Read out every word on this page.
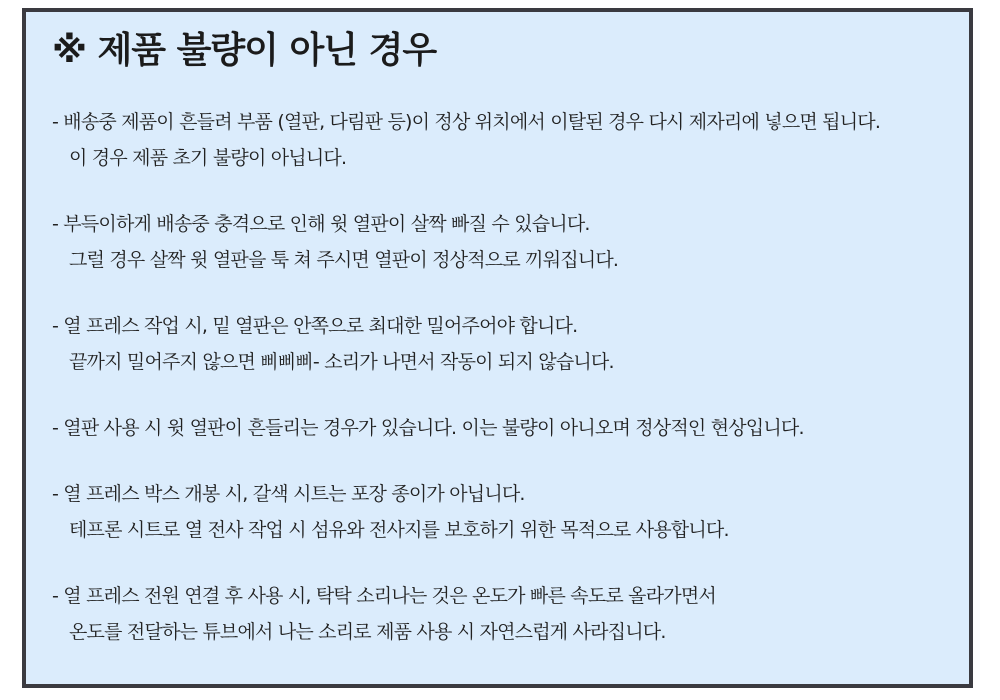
※ 제품 불량이 아닌 경우
- 배송중 제품이 흔들려 부품 (열판, 다림판 등)이 정상 위치에서 이탈된 경우 다시 제자리에 넣으면 됩니다.
이 경우 제품 초기 불량이 아닙니다.
- 부득이하게 배송중 충격으로 인해 윗 열판이 살짝 빠질 수 있습니다.
그럴 경우 살짝 윗 열판을 툭 쳐 주시면 열판이 정상적으로 끼워집니다.
- 열 프레스 작업 시, 밑 열판은 안쪽으로 최대한 밀어주어야 합니다.
끝까지 밀어주지 않으면 삐삐삐- 소리가 나면서 작동이 되지 않습니다.
- 열판 사용 시 윗 열판이 흔들리는 경우가 있습니다. 이는 불량이 아니오며 정상적인 현상입니다.
- 열 프레스 박스 개봉 시, 갈색 시트는 포장 종이가 아닙니다.
테프론 시트로 열 전사 작업 시 섬유와 전사지를 보호하기 위한 목적으로 사용합니다.
- 열 프레스 전원 연결 후 사용 시, 탁탁 소리나는 것은 온도가 빠른 속도로 올라가면서
온도를 전달하는 튜브에서 나는 소리로 제품 사용 시 자연스럽게 사라집니다.
